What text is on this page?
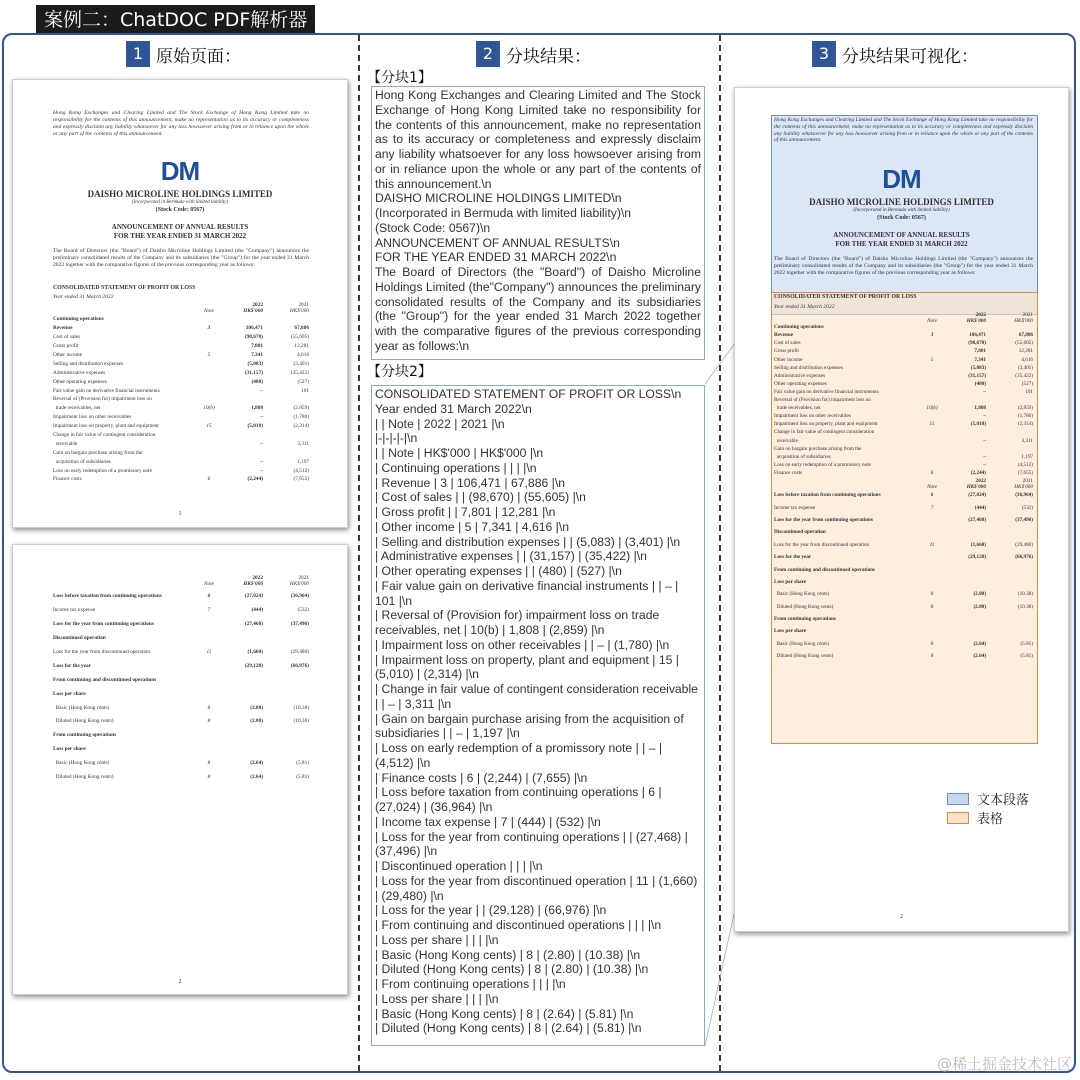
案例二：ChatDOC PDF解析器
1 原始页面：	2 分块结果：	3 分块结果可视化：
Hong Kong Exchanges and Clearing Limited and The Stock Exchange of Hong Kong Limited take no responsibility for the contents of this announcement, make no representation as to its accuracy or completeness and expressly disclaim any liability whatsoever for any loss howsoever arising from or in reliance upon the whole or any part of the contents of this announcement.
DM
DAISHO MICROLINE HOLDINGS LIMITED
(Incorporated in Bermuda with limited liability)
(Stock Code: 0567)
ANNOUNCEMENT OF ANNUAL RESULTS
FOR THE YEAR ENDED 31 MARCH 2022
The Board of Directors (the "Board") of Daisho Microline Holdings Limited (the "Company") announces the preliminary consolidated results of the Company and its subsidiaries (the "Group") for the year ended 31 March 2022 together with the comparative figures of the previous corresponding year as follows:
CONSOLIDATED STATEMENT OF PROFIT OR LOSS
Year ended 31 March 2022
		2022	2021
	Note	HK$'000	HK$'000
Continuing operations			
Revenue	3	106,471	67,886
Cost of sales		(98,670)	(55,605)
Gross profit		7,801	12,281
Other income	5	7,341	4,616
Selling and distribution expenses		(5,083)	(3,401)
Administrative expenses		(31,157)	(35,422)
Other operating expenses		(480)	(527)
Fair value gain on derivative financial instruments		–	101
Reversal of (Provision for) impairment loss on			
trade receivables, net	10(b)	1,808	(2,859)
Impairment loss on other receivables		–	(1,780)
Impairment loss on property, plant and equipment	15	(5,010)	(2,314)
Change in fair value of contingent consideration			
receivable		–	3,311
Gain on bargain purchase arising from the			
acquisition of subsidiaries		–	1,197
Loss on early redemption of a promissory note		–	(4,512)
Finance costs	6	(2,244)	(7,655)
1
		2022	2021
	Note	HK$'000	HK$'000
Loss before taxation from continuing operations	6	(27,024)	(36,964)
Income tax expense	7	(444)	(532)
Loss for the year from continuing operations		(27,468)	(37,496)
Discontinued operation			
Loss for the year from discontinued operation	11	(1,660)	(29,480)
Loss for the year		(29,128)	(66,976)
From continuing and discontinued operations			
Loss per share			
Basic (Hong Kong cents)	8	(2.80)	(10.38)
Diluted (Hong Kong cents)	8	(2.80)	(10.38)
From continuing operations			
Loss per share			
Basic (Hong Kong cents)	8	(2.64)	(5.81)
Diluted (Hong Kong cents)	8	(2.64)	(5.81)
2
【分块1】
Hong Kong Exchanges and Clearing Limited and The Stock Exchange of Hong Kong Limited take no responsibility for the contents of this announcement, make no representation as to its accuracy or completeness and expressly disclaim any liability whatsoever for any loss howsoever arising from or in reliance upon the whole or any part of the contents of this announcement.\n
DAISHO MICROLINE HOLDINGS LIMITED\n
(Incorporated in Bermuda with limited liability)\n
(Stock Code: 0567)\n
ANNOUNCEMENT OF ANNUAL RESULTS\n
FOR THE YEAR ENDED 31 MARCH 2022\n
The Board of Directors (the "Board") of Daisho Microline Holdings Limited (the"Company") announces the preliminary consolidated results of the Company and its subsidiaries (the "Group") for the year ended 31 March 2022 together with the comparative figures of the previous corresponding year as follows:\n
【分块2】
CONSOLIDATED STATEMENT OF PROFIT OR LOSS\n
Year ended 31 March 2022\n
| | Note | 2022 | 2021 |\n
|-|-|-|-|\n
| | Note | HK$'000 | HK$'000 |\n
| Continuing operations | | | |\n
| Revenue | 3 | 106,471 | 67,886 |\n
| Cost of sales | | (98,670) | (55,605) |\n
| Gross profit | | 7,801 | 12,281 |\n
| Other income | 5 | 7,341 | 4,616 |\n
| Selling and distribution expenses | | (5,083) | (3,401) |\n
| Administrative expenses | | (31,157) | (35,422) |\n
| Other operating expenses | | (480) | (527) |\n
| Fair value gain on derivative financial instruments | | – | 101 |\n
| Reversal of (Provision for) impairment loss on trade receivables, net | 10(b) | 1,808 | (2,859) |\n
| Impairment loss on other receivables | | – | (1,780) |\n
| Impairment loss on property, plant and equipment | 15 | (5,010) | (2,314) |\n
| Change in fair value of contingent consideration receivable | | – | 3,311 |\n
| Gain on bargain purchase arising from the acquisition of subsidiaries | | – | 1,197 |\n
| Loss on early redemption of a promissory note | | – | (4,512) |\n
| Finance costs | 6 | (2,244) | (7,655) |\n
| Loss before taxation from continuing operations | 6 | (27,024) | (36,964) |\n
| Income tax expense | 7 | (444) | (532) |\n
| Loss for the year from continuing operations | | (27,468) | (37,496) |\n
| Discontinued operation | | | |\n
| Loss for the year from discontinued operation | 11 | (1,660) | (29,480) |\n
| Loss for the year | | (29,128) | (66,976) |\n
| From continuing and discontinued operations | | | |\n
| Loss per share | | | |\n
| Basic (Hong Kong cents) | 8 | (2.80) | (10.38) |\n
| Diluted (Hong Kong cents) | 8 | (2.80) | (10.38) |\n
| From continuing operations | | | |\n
| Loss per share | | | |\n
| Basic (Hong Kong cents) | 8 | (2.64) | (5.81) |\n
| Diluted (Hong Kong cents) | 8 | (2.64) | (5.81) |\n
Hong Kong Exchanges and Clearing Limited and The Stock Exchange of Hong Kong Limited take no responsibility for the contents of this announcement, make no representation as to its accuracy or completeness and expressly disclaim any liability whatsoever for any loss howsoever arising from or in reliance upon the whole or any part of the contents of this announcement.
DM
DAISHO MICROLINE HOLDINGS LIMITED
(Incorporated in Bermuda with limited liability)
(Stock Code: 0567)
ANNOUNCEMENT OF ANNUAL RESULTS
FOR THE YEAR ENDED 31 MARCH 2022
The Board of Directors (the "Board") of Daisho Microline Holdings Limited (the "Company") announces the preliminary consolidated results of the Company and its subsidiaries (the "Group") for the year ended 31 March 2022 together with the comparative figures of the previous corresponding year as follows:
CONSOLIDATED STATEMENT OF PROFIT OR LOSS
Year ended 31 March 2022
		2022	2021
	Note	HK$'000	HK$'000
Continuing operations			
Revenue	3	106,471	67,886
Cost of sales		(98,670)	(55,605)
Gross profit		7,801	12,281
Other income	5	7,341	4,616
Selling and distribution expenses		(5,083)	(3,401)
Administrative expenses		(31,157)	(35,422)
Other operating expenses		(480)	(527)
Fair value gain on derivative financial instruments		–	101
Reversal of (Provision for) impairment loss on			
trade receivables, net	10(b)	1,808	(2,859)
Impairment loss on other receivables		–	(1,780)
Impairment loss on property, plant and equipment	15	(5,010)	(2,314)
Change in fair value of contingent consideration			
receivable		–	3,311
Gain on bargain purchase arising from the			
acquisition of subsidiaries		–	1,197
Loss on early redemption of a promissory note		–	(4,512)
Finance costs	6	(2,244)	(7,655)
		2022	2021
	Note	HK$'000	HK$'000
Loss before taxation from continuing operations	6	(27,024)	(36,964)
Income tax expense	7	(444)	(532)
Loss for the year from continuing operations		(27,468)	(37,496)
Discontinued operation			
Loss for the year from discontinued operation	11	(1,660)	(29,480)
Loss for the year		(29,128)	(66,976)
From continuing and discontinued operations			
Loss per share			
Basic (Hong Kong cents)	8	(2.80)	(10.38)
Diluted (Hong Kong cents)	8	(2.80)	(10.38)
From continuing operations			
Loss per share			
Basic (Hong Kong cents)	8	(2.64)	(5.81)
Diluted (Hong Kong cents)	8	(2.64)	(5.81)
2
文本段落
表格
@稀土掘金技术社区
